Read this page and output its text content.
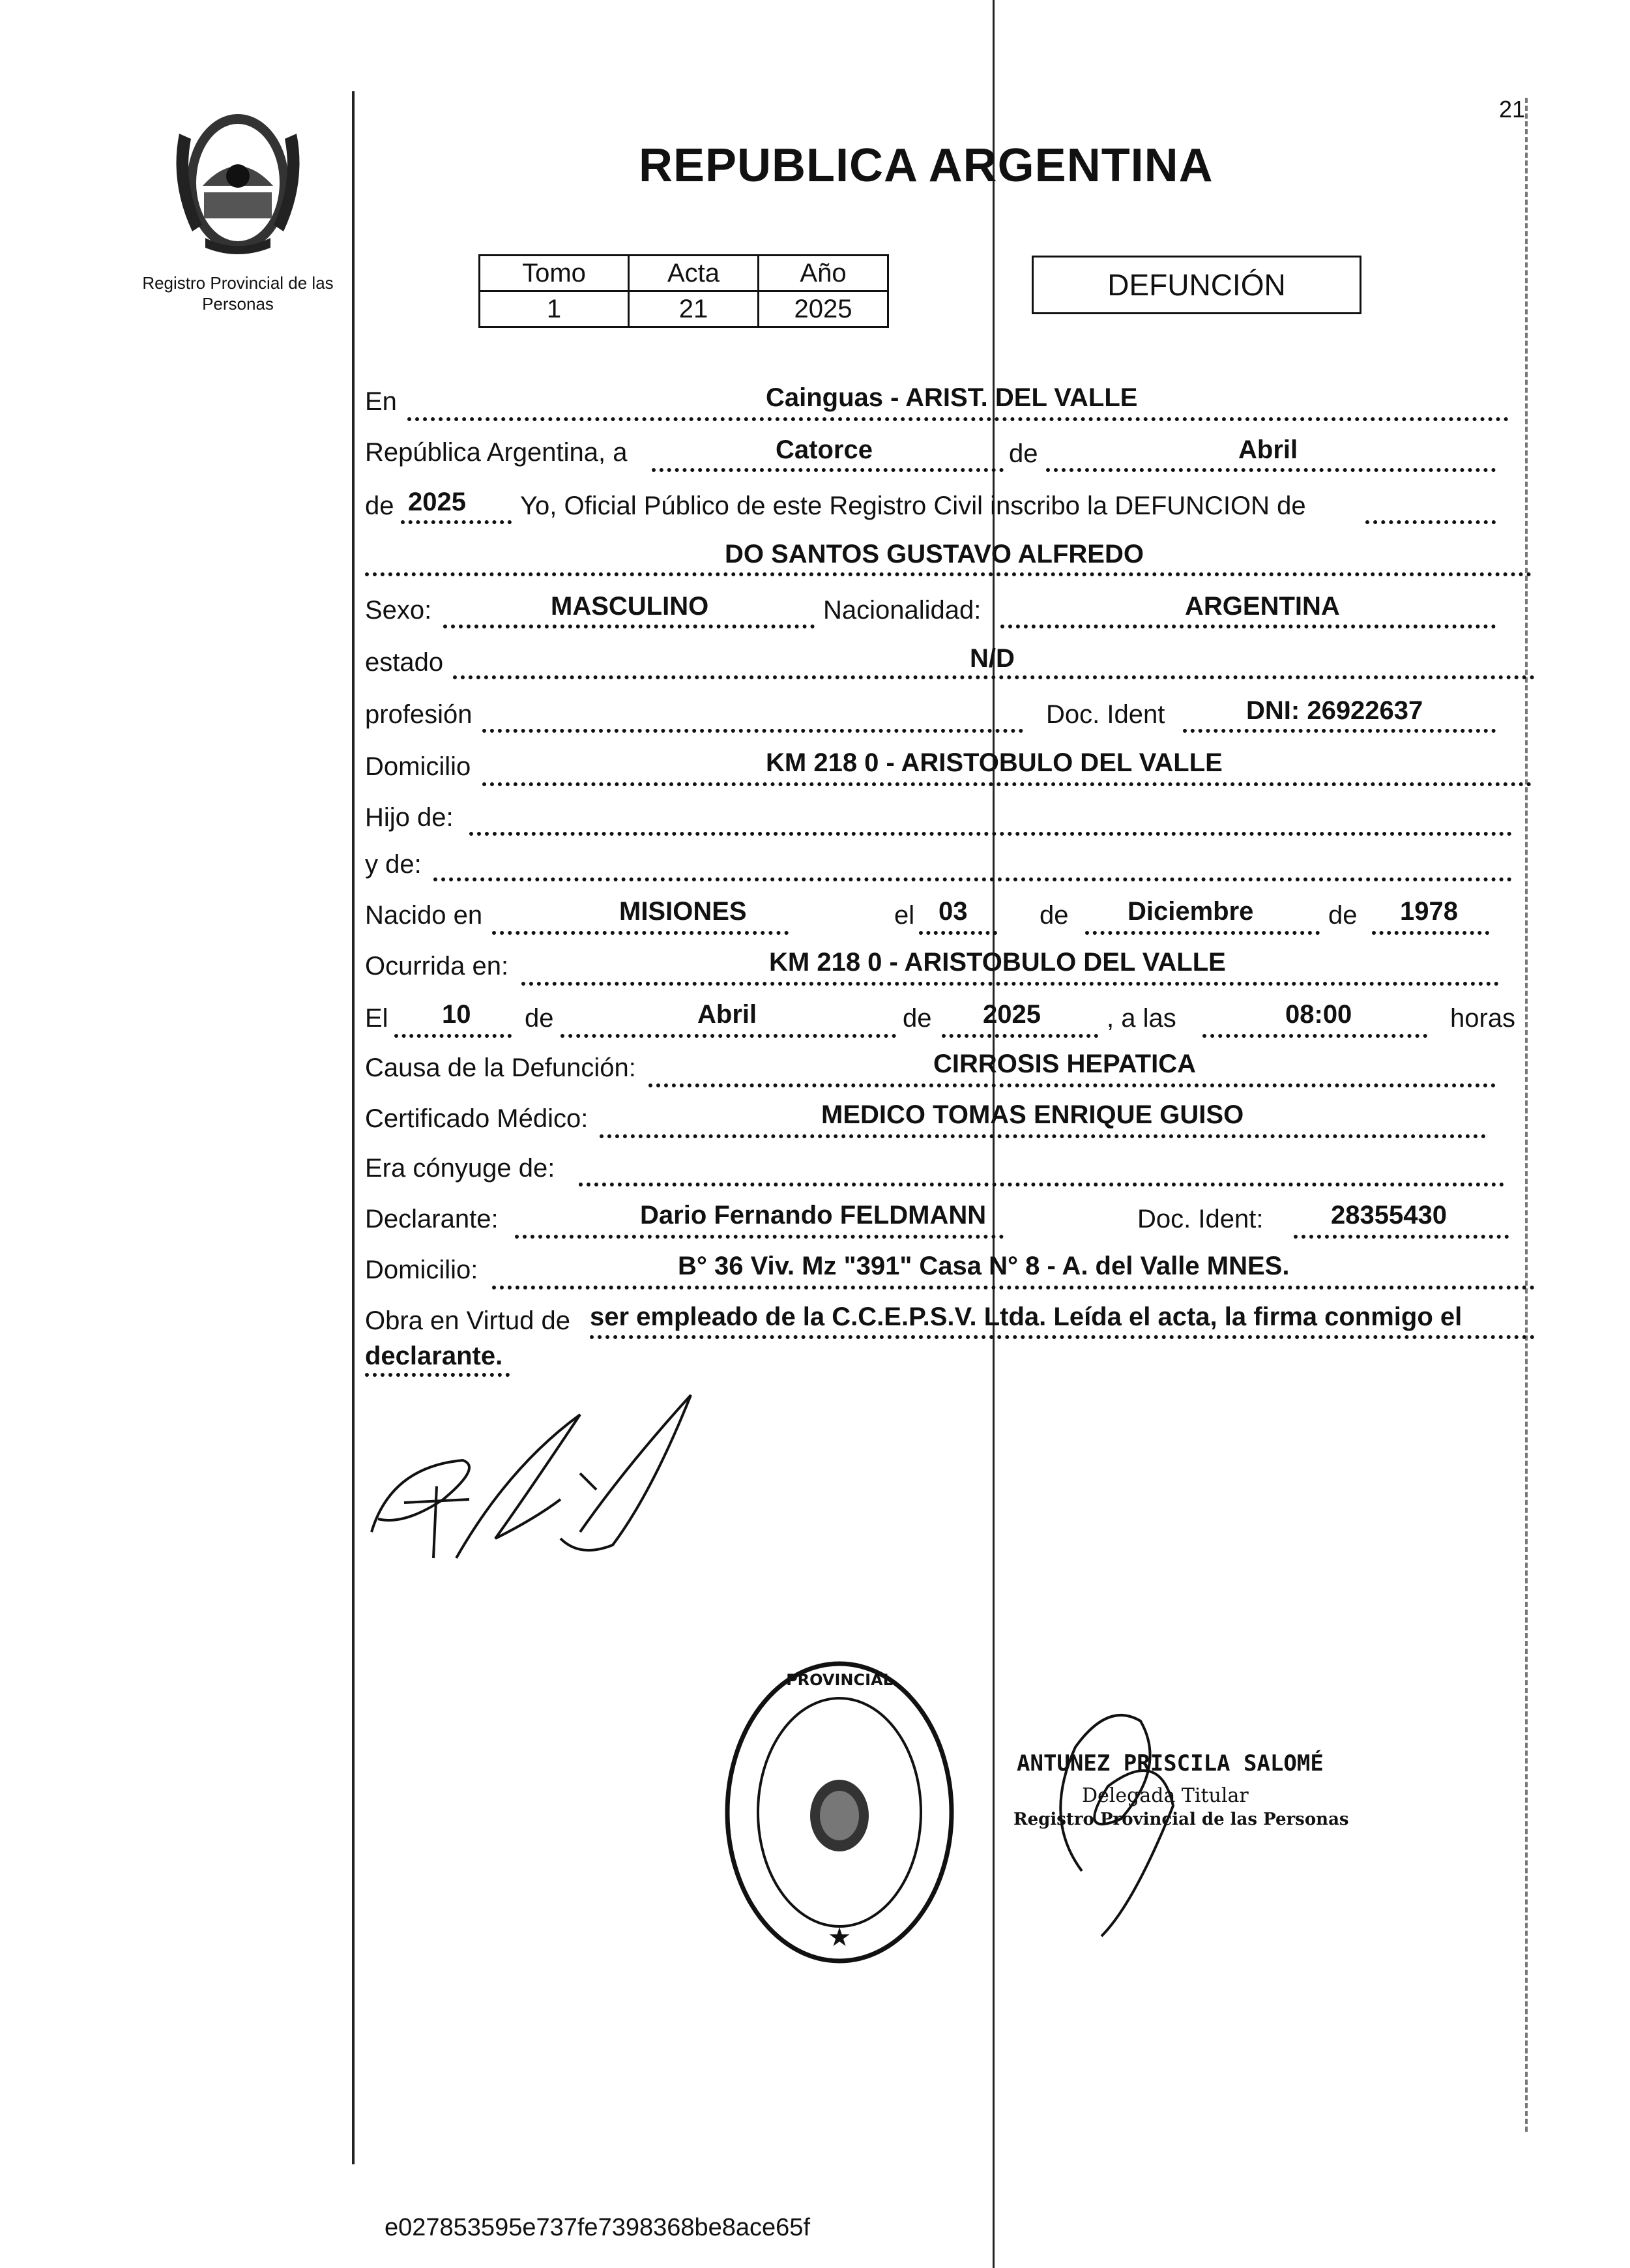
21
Registro Provincial de las Personas
REPUBLICA ARGENTINA
Tomo	Acta	Año
1	21	2025
DEFUNCIÓN
En	Cainguas - ARIST. DEL VALLE
República Argentina, a	Catorce	de	Abril
de 2025 Yo, Oficial Público de este Registro Civil inscribo la DEFUNCION de
DO SANTOS GUSTAVO ALFREDO
Sexo:	MASCULINO	Nacionalidad:	ARGENTINA
estado	N/D
profesión	Doc. Ident	DNI: 26922637
Domicilio	KM 218 0 - ARISTOBULO DEL VALLE
Hijo de:
y de:
Nacido en	MISIONES	el 03	de Diciembre	de 1978
Ocurrida en:	KM 218 0 - ARISTOBULO DEL VALLE
El 10 de	Abril	de 2025	, a las	08:00	horas
Causa de la Defunción:	CIRROSIS HEPATICA
Certificado Médico:	MEDICO TOMAS ENRIQUE GUISO
Era cónyuge de:
Declarante:	Dario Fernando FELDMANN	Doc. Ident:	28355430
Domicilio:	B° 36 Viv. Mz "391" Casa N° 8 - A. del Valle MNES.
Obra en Virtud de ser empleado de la C.C.E.P.S.V. Ltda. Leída el acta, la firma conmigo el
declarante.
★
PROVINCIAL
ANTUNEZ PRISCILA SALOMÉ
Delegada Titular
Registro Provincial de las Personas
e027853595e737fe7398368be8ace65f
